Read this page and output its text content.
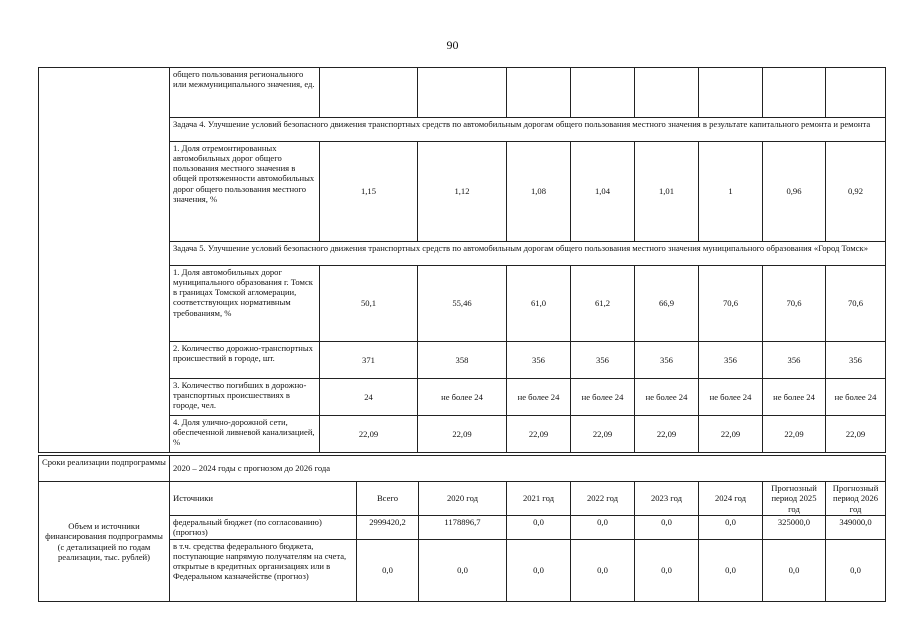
90
	общего пользования регионального или межмуниципального значения, ед.								
	Задача 4. Улучшение условий безопасного движения транспортных средств по автомобильным дорогам общего пользования местного значения в результате капитального ремонта и ремонта								
	1. Доля отремонтированных автомобильных дорог общего пользования местного значения в общей протяженности автомобильных дорог общего пользования местного значения, %	1,15	1,12	1,08	1,04	1,01	1	0,96	0,92
	Задача 5. Улучшение условий безопасного движения транспортных средств по автомобильным дорогам общего пользования местного значения муниципального образования «Город Томск»								
	1. Доля автомобильных дорог муниципального образования г. Томск в границах Томской агломерации, соответствующих нормативным требованиям, %	50,1	55,46	61,0	61,2	66,9	70,6	70,6	70,6
	2. Количество дорожно-транспортных происшествий в городе, шт.	371	358	356	356	356	356	356	356
	3. Количество погибших в дорожно-транспортных происшествиях в городе, чел.	24	не более 24	не более 24	не более 24	не более 24	не более 24	не более 24	не более 24
	4. Доля улично-дорожной сети, обеспеченной ливневой канализацией, %	22,09	22,09	22,09	22,09	22,09	22,09	22,09	22,09
Сроки реализации подпрограммы	2020 – 2024 годы с прогнозом до 2026 года								
Объем и источники финансирования подпрограммы (с детализацией по годам реализации, тыс. рублей)	Источники	Всего	2020 год	2021 год	2022 год	2023 год	2024 год	Прогнозный период 2025 год	Прогнозный период 2026 год
	федеральный бюджет (по согласованию) (прогноз)	2999420,2	1178896,7	0,0	0,0	0,0	0,0	325000,0	349000,0
	в т.ч. средства федерального бюджета, поступающие напрямую получателям на счета, открытые в кредитных организациях или в Федеральном казначействе (прогноз)	0,0	0,0	0,0	0,0	0,0	0,0	0,0	0,0
